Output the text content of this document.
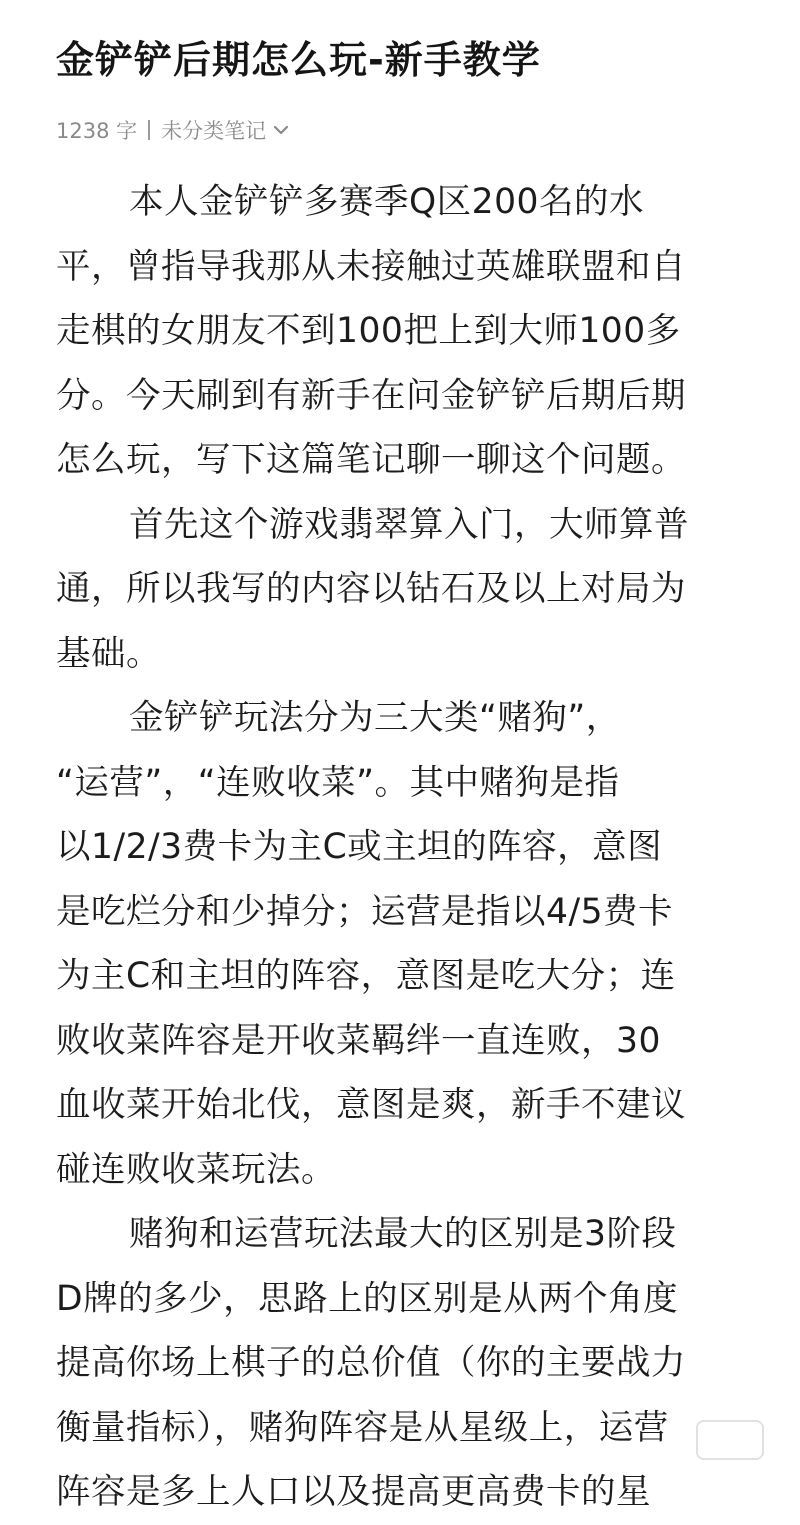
金铲铲后期怎么玩-新手教学
1238 字 未分类笔记
本人金铲铲多赛季Q区200名的水
平，曾指导我那从未接触过英雄联盟和自
走棋的女朋友不到100把上到大师100多
分。今天刷到有新手在问金铲铲后期后期
怎么玩，写下这篇笔记聊一聊这个问题。
首先这个游戏翡翠算入门，大师算普
通，所以我写的内容以钻石及以上对局为
基础。
金铲铲玩法分为三大类“赌狗”，
“运营”，“连败收菜”。其中赌狗是指
以1/2/3费卡为主C或主坦的阵容，意图
是吃烂分和少掉分；运营是指以4/5费卡
为主C和主坦的阵容，意图是吃大分；连
败收菜阵容是开收菜羁绊一直连败，30
血收菜开始北伐，意图是爽，新手不建议
碰连败收菜玩法。
赌狗和运营玩法最大的区别是3阶段
D牌的多少，思路上的区别是从两个角度
提高你场上棋子的总价值（你的主要战力
衡量指标），赌狗阵容是从星级上，运营
阵容是多上人口以及提高更高费卡的星
